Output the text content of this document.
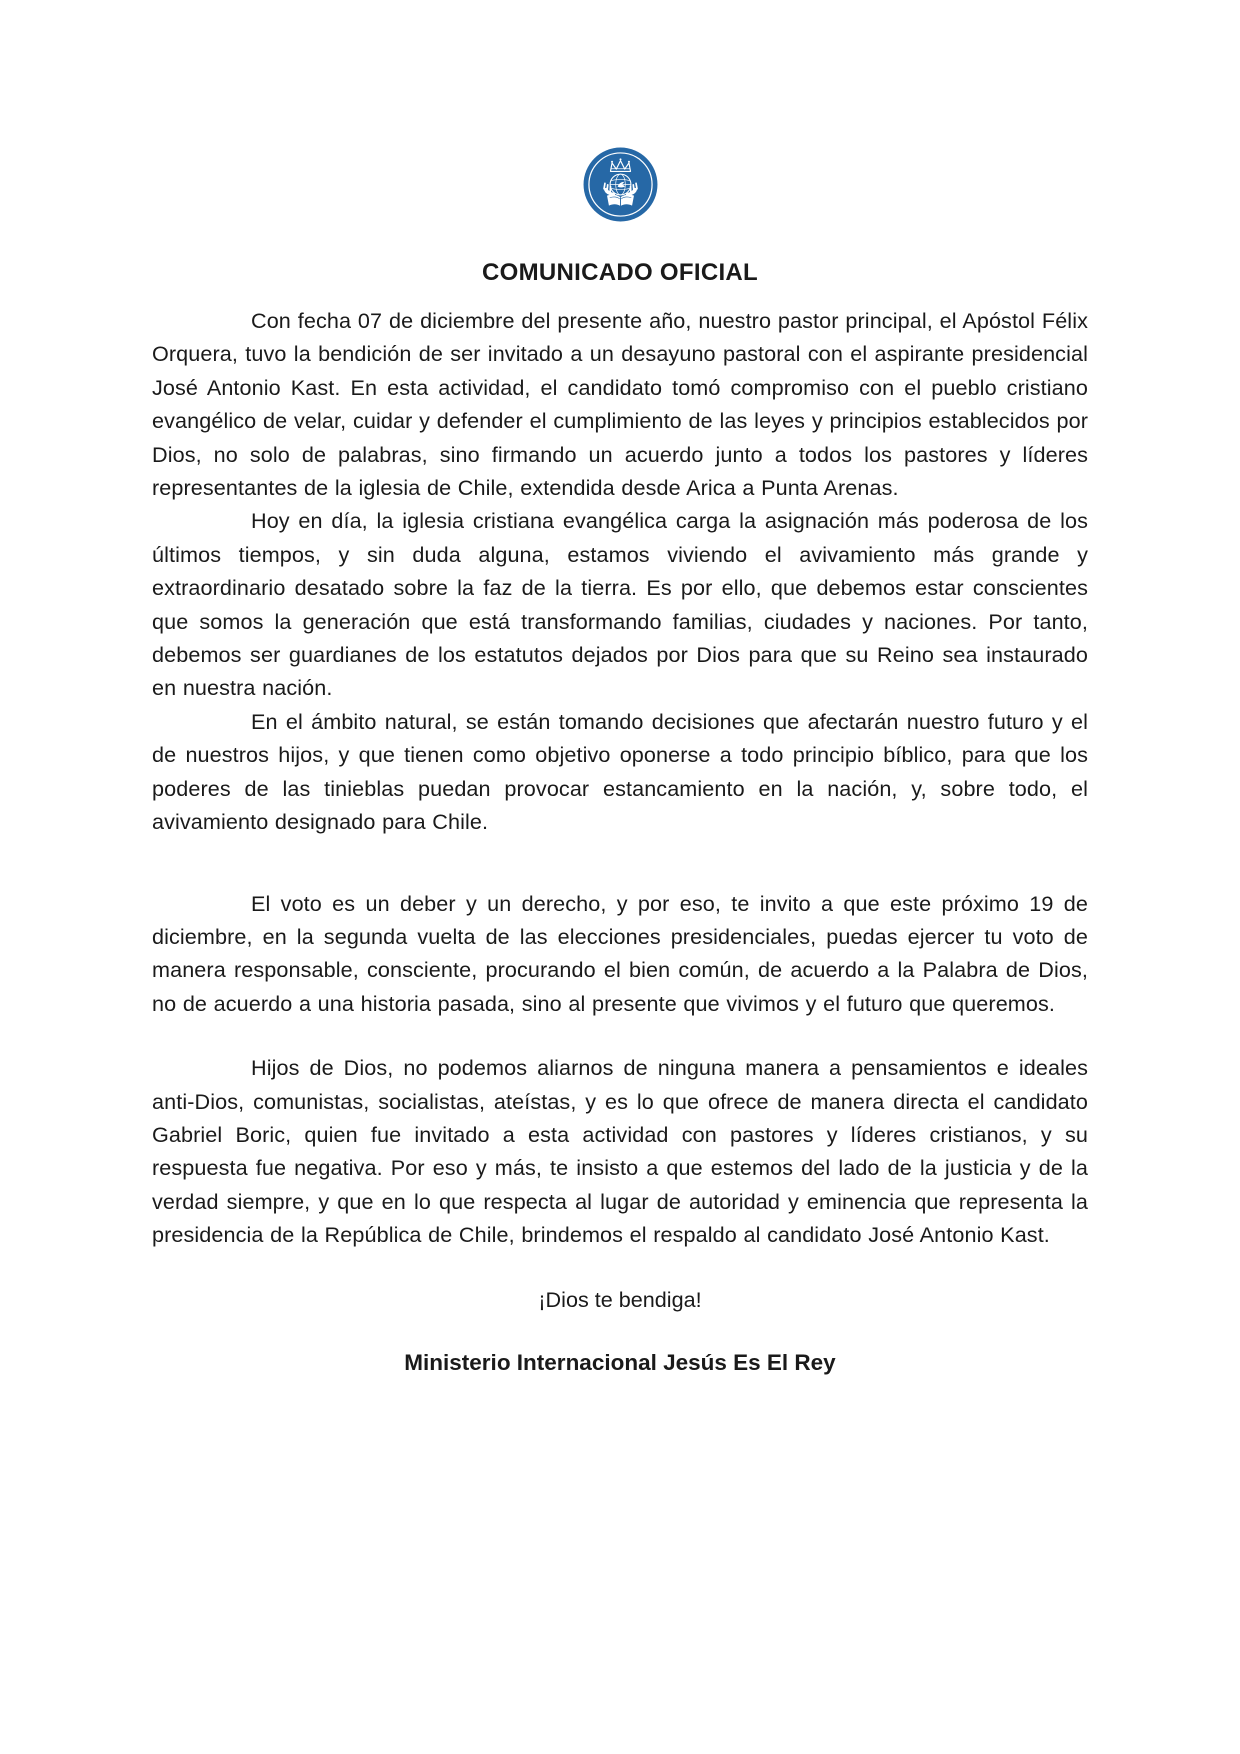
COMUNICADO OFICIAL

Con fecha 07 de diciembre del presente año, nuestro pastor principal, el Apóstol Félix Orquera, tuvo la bendición de ser invitado a un desayuno pastoral con el aspirante presidencial José Antonio Kast. En esta actividad, el candidato tomó compromiso con el pueblo cristiano evangélico de velar, cuidar y defender el cumplimiento de las leyes y principios establecidos por Dios, no solo de palabras, sino firmando un acuerdo junto a todos los pastores y líderes representantes de la iglesia de Chile, extendida desde Arica a Punta Arenas.

Hoy en día, la iglesia cristiana evangélica carga la asignación más poderosa de los últimos tiempos, y sin duda alguna, estamos viviendo el avivamiento más grande y extraordinario desatado sobre la faz de la tierra. Es por ello, que debemos estar conscientes que somos la generación que está transformando familias, ciudades y naciones. Por tanto, debemos ser guardianes de los estatutos dejados por Dios para que su Reino sea instaurado en nuestra nación.

En el ámbito natural, se están tomando decisiones que afectarán nuestro futuro y el de nuestros hijos, y que tienen como objetivo oponerse a todo principio bíblico, para que los poderes de las tinieblas puedan provocar estancamiento en la nación, y, sobre todo, el avivamiento designado para Chile.

El voto es un deber y un derecho, y por eso, te invito a que este próximo 19 de diciembre, en la segunda vuelta de las elecciones presidenciales, puedas ejercer tu voto de manera responsable, consciente, procurando el bien común, de acuerdo a la Palabra de Dios, no de acuerdo a una historia pasada, sino al presente que vivimos y el futuro que queremos.

Hijos de Dios, no podemos aliarnos de ninguna manera a pensamientos e ideales anti-Dios, comunistas, socialistas, ateístas, y es lo que ofrece de manera directa el candidato Gabriel Boric, quien fue invitado a esta actividad con pastores y líderes cristianos, y su respuesta fue negativa. Por eso y más, te insisto a que estemos del lado de la justicia y de la verdad siempre, y que en lo que respecta al lugar de autoridad y eminencia que representa la presidencia de la República de Chile, brindemos el respaldo al candidato José Antonio Kast.

¡Dios te bendiga!

Ministerio Internacional Jesús Es El Rey
